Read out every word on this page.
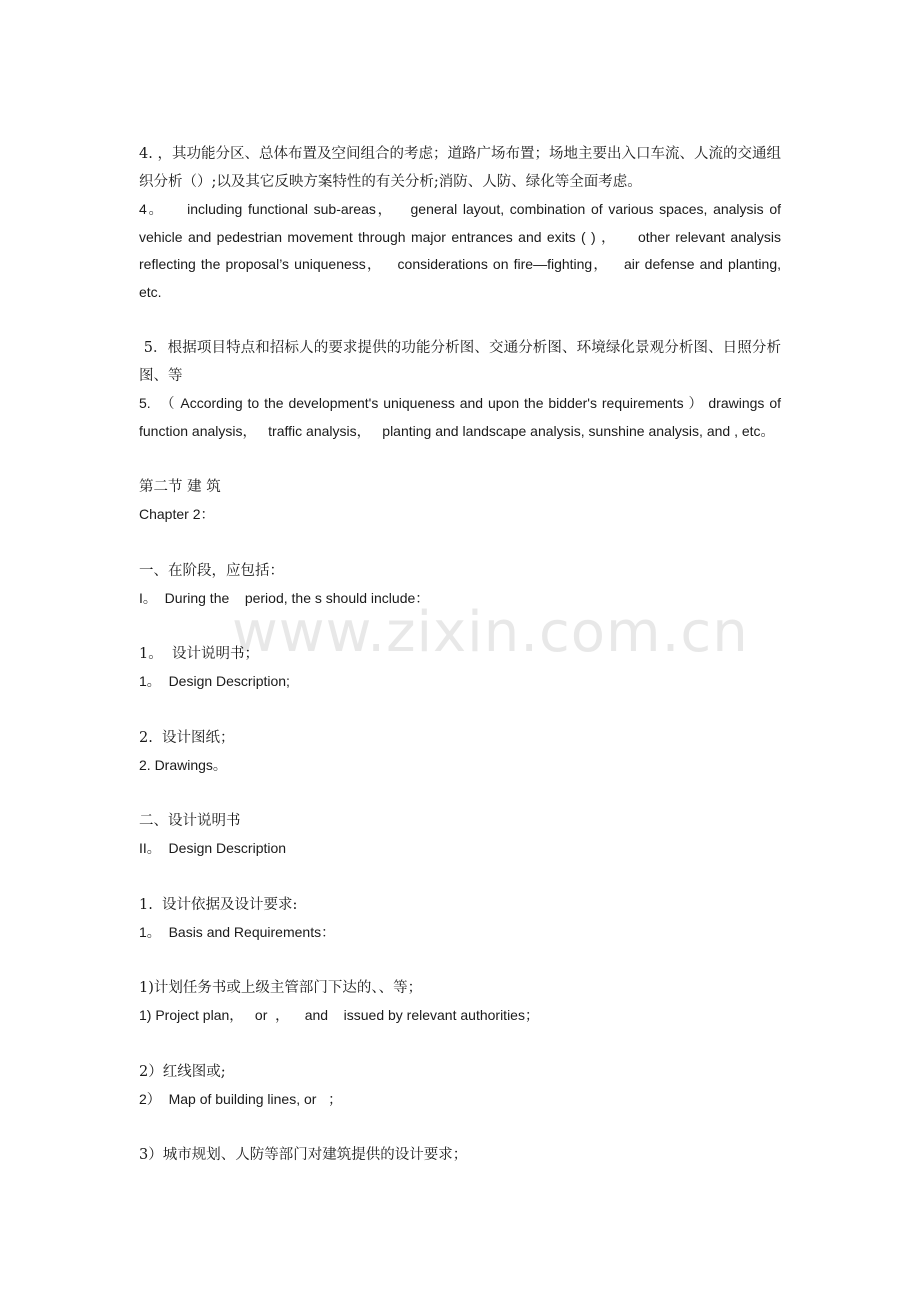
www.zixin.com.cn

4. ，其功能分区、总体布置及空间组合的考虑；道路广场布置；场地主要出入口车流、人流的交通组织分析（）;以及其它反映方案特性的有关分析;消防、人防、绿化等全面考虑。

4。    including functional sub-areas，   general layout, combination of various spaces, analysis of vehicle and pedestrian movement through major entrances and exits ( ) ，    other relevant analysis reflecting the proposal’s uniqueness，   considerations on fire—fighting，   air defense and planting, etc.

5．根据项目特点和招标人的要求提供的功能分析图、交通分析图、环境绿化景观分析图、日照分析图、等

5.  （ According to the development's uniqueness and upon the bidder's requirements ） drawings of function analysis，   traffic analysis，   planting and landscape analysis, sunshine analysis, and , etc。

第二节 建 筑

Chapter 2：

一、在阶段，应包括：

I。  During the    period, the s should include：

1。  设计说明书；

1。  Design Description;

2.  设计图纸；

2. Drawings。

二、设计说明书

II。  Design Description

1.  设计依据及设计要求:

1。  Basis and Requirements：

1)计划任务书或上级主管部门下达的、、等；

1) Project plan，   or  ，    and    issued by relevant authorities；

2）红线图或;

2）  Map of building lines, or   ；

3）城市规划、人防等部门对建筑提供的设计要求；
